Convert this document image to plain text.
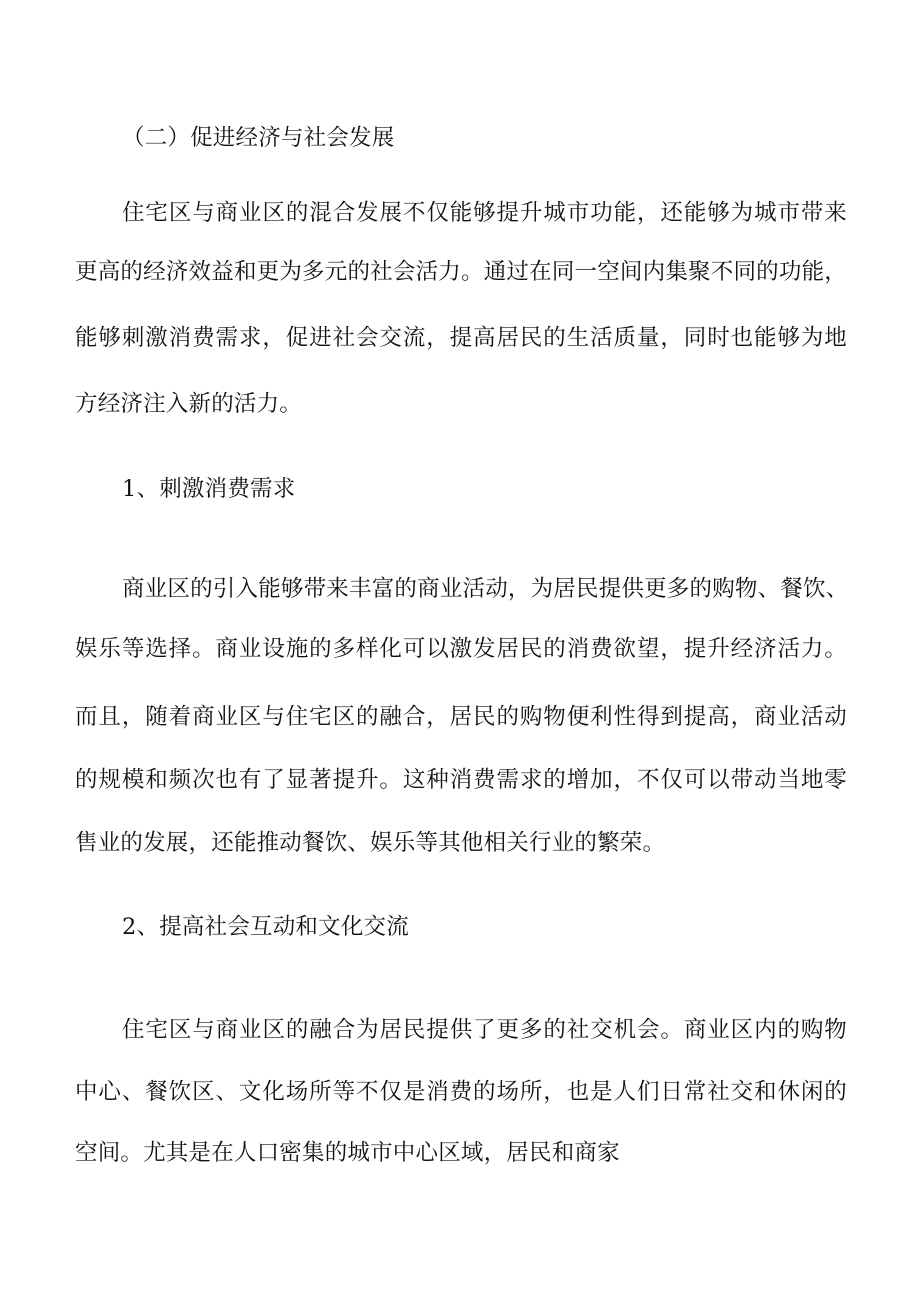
（二）促进经济与社会发展
住宅区与商业区的混合发展不仅能够提升城市功能，还能够为城市带来
更高的经济效益和更为多元的社会活力。通过在同一空间内集聚不同的功能，
能够刺激消费需求，促进社会交流，提高居民的生活质量，同时也能够为地
方经济注入新的活力。
1、刺激消费需求
商业区的引入能够带来丰富的商业活动，为居民提供更多的购物、餐饮、
娱乐等选择。商业设施的多样化可以激发居民的消费欲望，提升经济活力。
而且，随着商业区与住宅区的融合，居民的购物便利性得到提高，商业活动
的规模和频次也有了显著提升。这种消费需求的增加，不仅可以带动当地零
售业的发展，还能推动餐饮、娱乐等其他相关行业的繁荣。
2、提高社会互动和文化交流
住宅区与商业区的融合为居民提供了更多的社交机会。商业区内的购物
中心、餐饮区、文化场所等不仅是消费的场所，也是人们日常社交和休闲的
空间。尤其是在人口密集的城市中心区域，居民和商家
